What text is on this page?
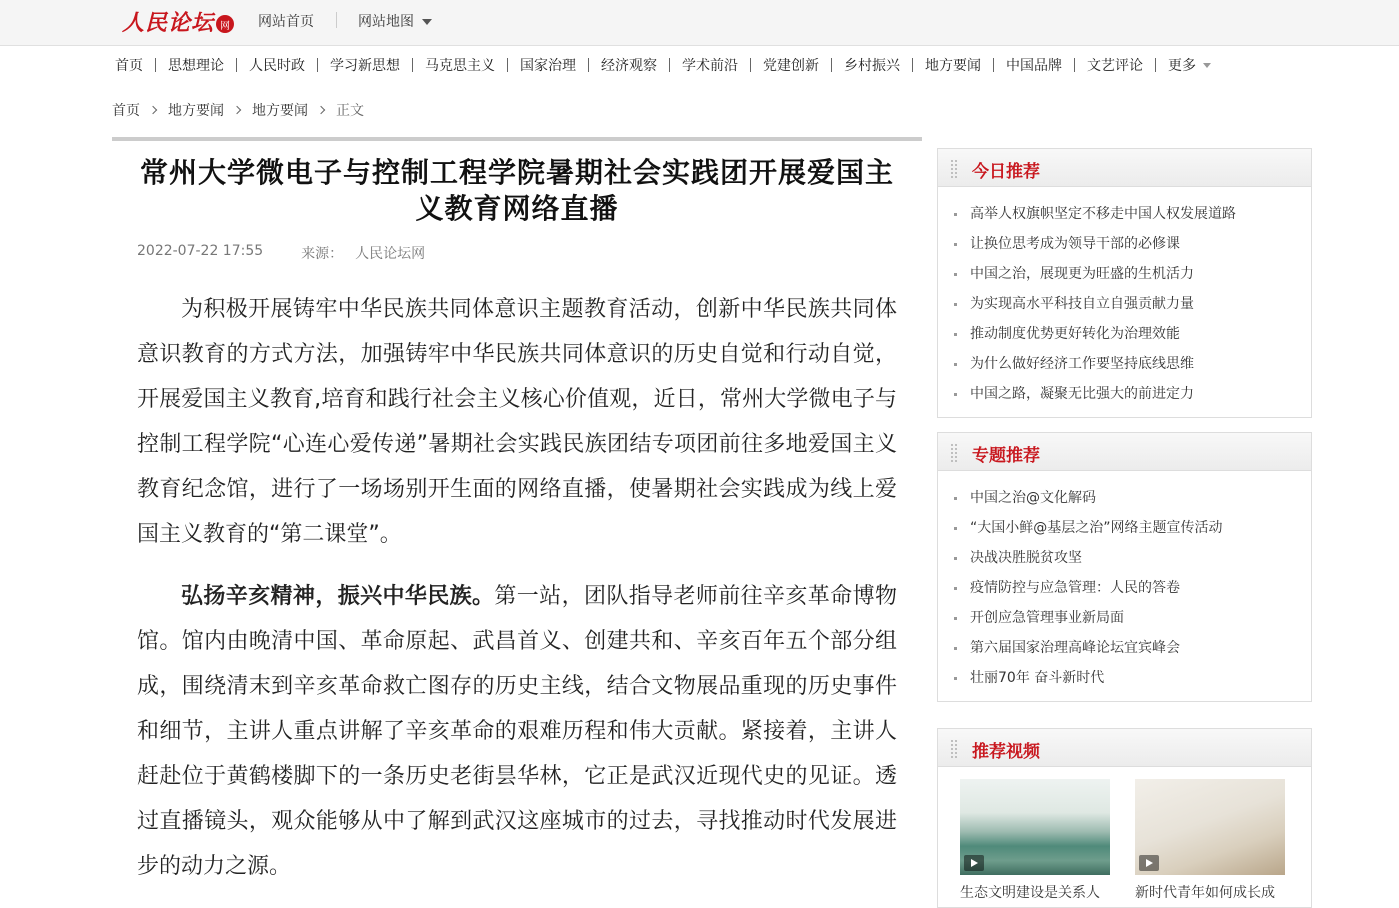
人民论坛 网 网站首页	网站地图
首页 思想理论 人民时政 学习新思想 马克思主义 国家治理 经济观察 学术前沿 党建创新 乡村振兴 地方要闻 中国品牌 文艺评论 更多
首页 地方要闻 地方要闻 正文
常州大学微电子与控制工程学院暑期社会实践团开展爱国主义教育网络直播
2022-07-22 17:55	来源： 人民论坛网

为积极开展铸牢中华民族共同体意识主题教育活动，创新中华民族共同体意识教育的方式方法，加强铸牢中华民族共同体意识的历史自觉和行动自觉，开展爱国主义教育,培育和践行社会主义核心价值观，近日，常州大学微电子与控制工程学院“心连心爱传递”暑期社会实践民族团结专项团前往多地爱国主义教育纪念馆，进行了一场场别开生面的网络直播，使暑期社会实践成为线上爱国主义教育的“第二课堂”。

弘扬辛亥精神，振兴中华民族。第一站，团队指导老师前往辛亥革命博物馆。馆内由晚清中国、革命原起、武昌首义、创建共和、辛亥百年五个部分组成，围绕清末到辛亥革命救亡图存的历史主线，结合文物展品重现的历史事件和细节，主讲人重点讲解了辛亥革命的艰难历程和伟大贡献。紧接着，主讲人赶赴位于黄鹤楼脚下的一条历史老街昙华林，它正是武汉近现代史的见证。透过直播镜头，观众能够从中了解到武汉这座城市的过去，寻找推动时代发展进步的动力之源。

今日推荐
高举人权旗帜坚定不移走中国人权发展道路
让换位思考成为领导干部的必修课
中国之治，展现更为旺盛的生机活力
为实现高水平科技自立自强贡献力量
推动制度优势更好转化为治理效能
为什么做好经济工作要坚持底线思维
中国之路，凝聚无比强大的前进定力
专题推荐
中国之治@文化解码
“大国小鲜@基层之治”网络主题宣传活动
决战决胜脱贫攻坚
疫情防控与应急管理：人民的答卷
开创应急管理事业新局面
第六届国家治理高峰论坛宜宾峰会
壮丽70年 奋斗新时代
推荐视频
生态文明建设是关系人	新时代青年如何成长成
